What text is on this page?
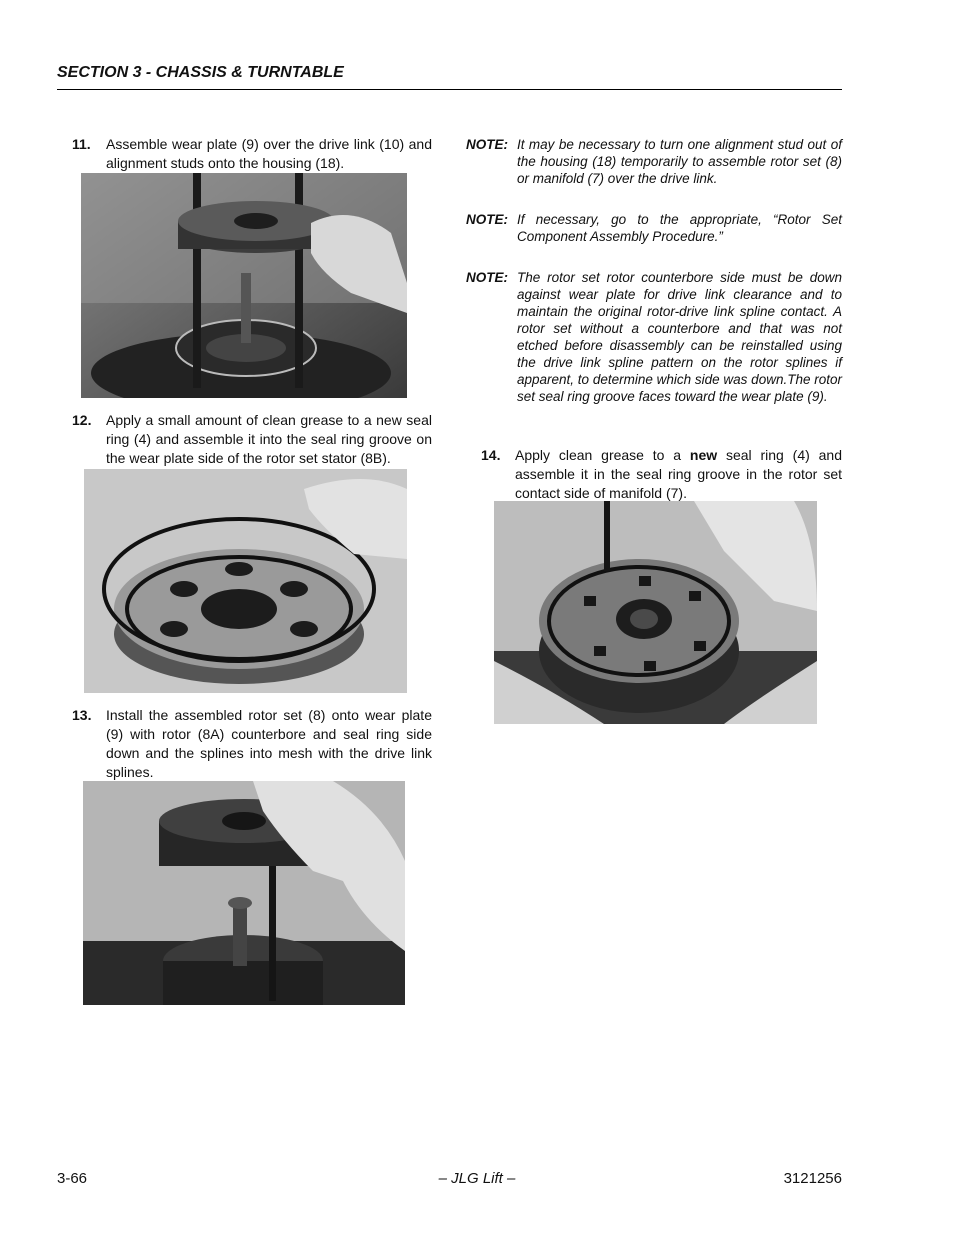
SECTION 3 - CHASSIS & TURNTABLE
11. Assemble wear plate (9) over the drive link (10) and alignment studs onto the housing (18).
12. Apply a small amount of clean grease to a new seal ring (4) and assemble it into the seal ring groove on the wear plate side of the rotor set stator (8B).
13. Install the assembled rotor set (8) onto wear plate (9) with rotor (8A) counterbore and seal ring side down and the splines into mesh with the drive link splines.
NOTE: It may be necessary to turn one alignment stud out of the housing (18) temporarily to assemble rotor set (8) or manifold (7) over the drive link.
NOTE: If necessary, go to the appropriate, “Rotor Set Component Assembly Procedure.”
NOTE: The rotor set rotor counterbore side must be down against wear plate for drive link clearance and to maintain the original rotor-drive link spline contact. A rotor set without a counterbore and that was not etched before disassembly can be reinstalled using the drive link spline pattern on the rotor splines if apparent, to determine which side was down.The rotor set seal ring groove faces toward the wear plate (9).
14. Apply clean grease to a new seal ring (4) and assemble it in the seal ring groove in the rotor set contact side of manifold (7).
3-66	– JLG Lift –	3121256
